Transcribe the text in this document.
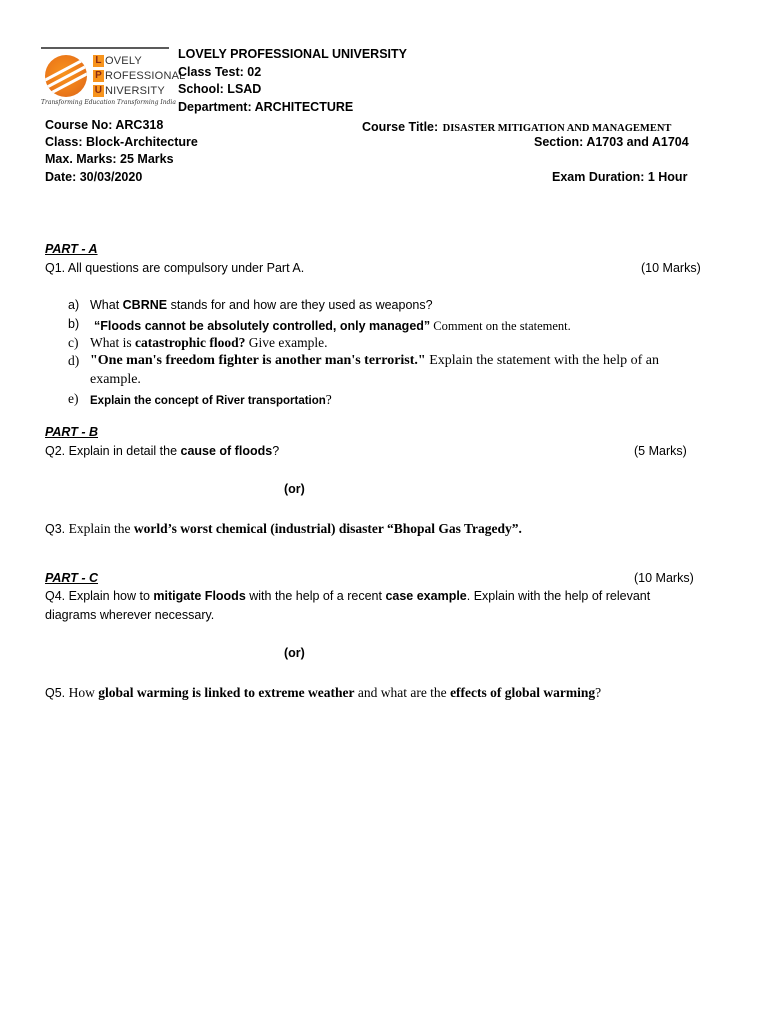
L OVELY
P ROFESSIONAL
U NIVERSITY
Transforming Education Transforming India
LOVELY PROFESSIONAL UNIVERSITY
Class Test: 02
School: LSAD
Department: ARCHITECTURE
Course No: ARC318	Course Title: DISASTER MITIGATION AND MANAGEMENT
Class: Block-Architecture	Section: A1703 and A1704
Max. Marks: 25 Marks
Date: 30/03/2020	Exam Duration: 1 Hour
PART - A
Q1. All questions are compulsory under Part A.	(10 Marks)
a) What CBRNE stands for and how are they used as weapons?
b) “Floods cannot be absolutely controlled, only managed” Comment on the statement.
c) What is catastrophic flood? Give example.
d) "One man's freedom fighter is another man's terrorist." Explain the statement with the help of an
example.
e) Explain the concept of River transportation?
PART - B
Q2. Explain in detail the cause of floods?	(5 Marks)
(or)
Q3. Explain the world’s worst chemical (industrial) disaster “Bhopal Gas Tragedy”.
PART - C	(10 Marks)
Q4. Explain how to mitigate Floods with the help of a recent case example. Explain with the help of relevant
diagrams wherever necessary.
(or)
Q5. How global warming is linked to extreme weather and what are the effects of global warming?
